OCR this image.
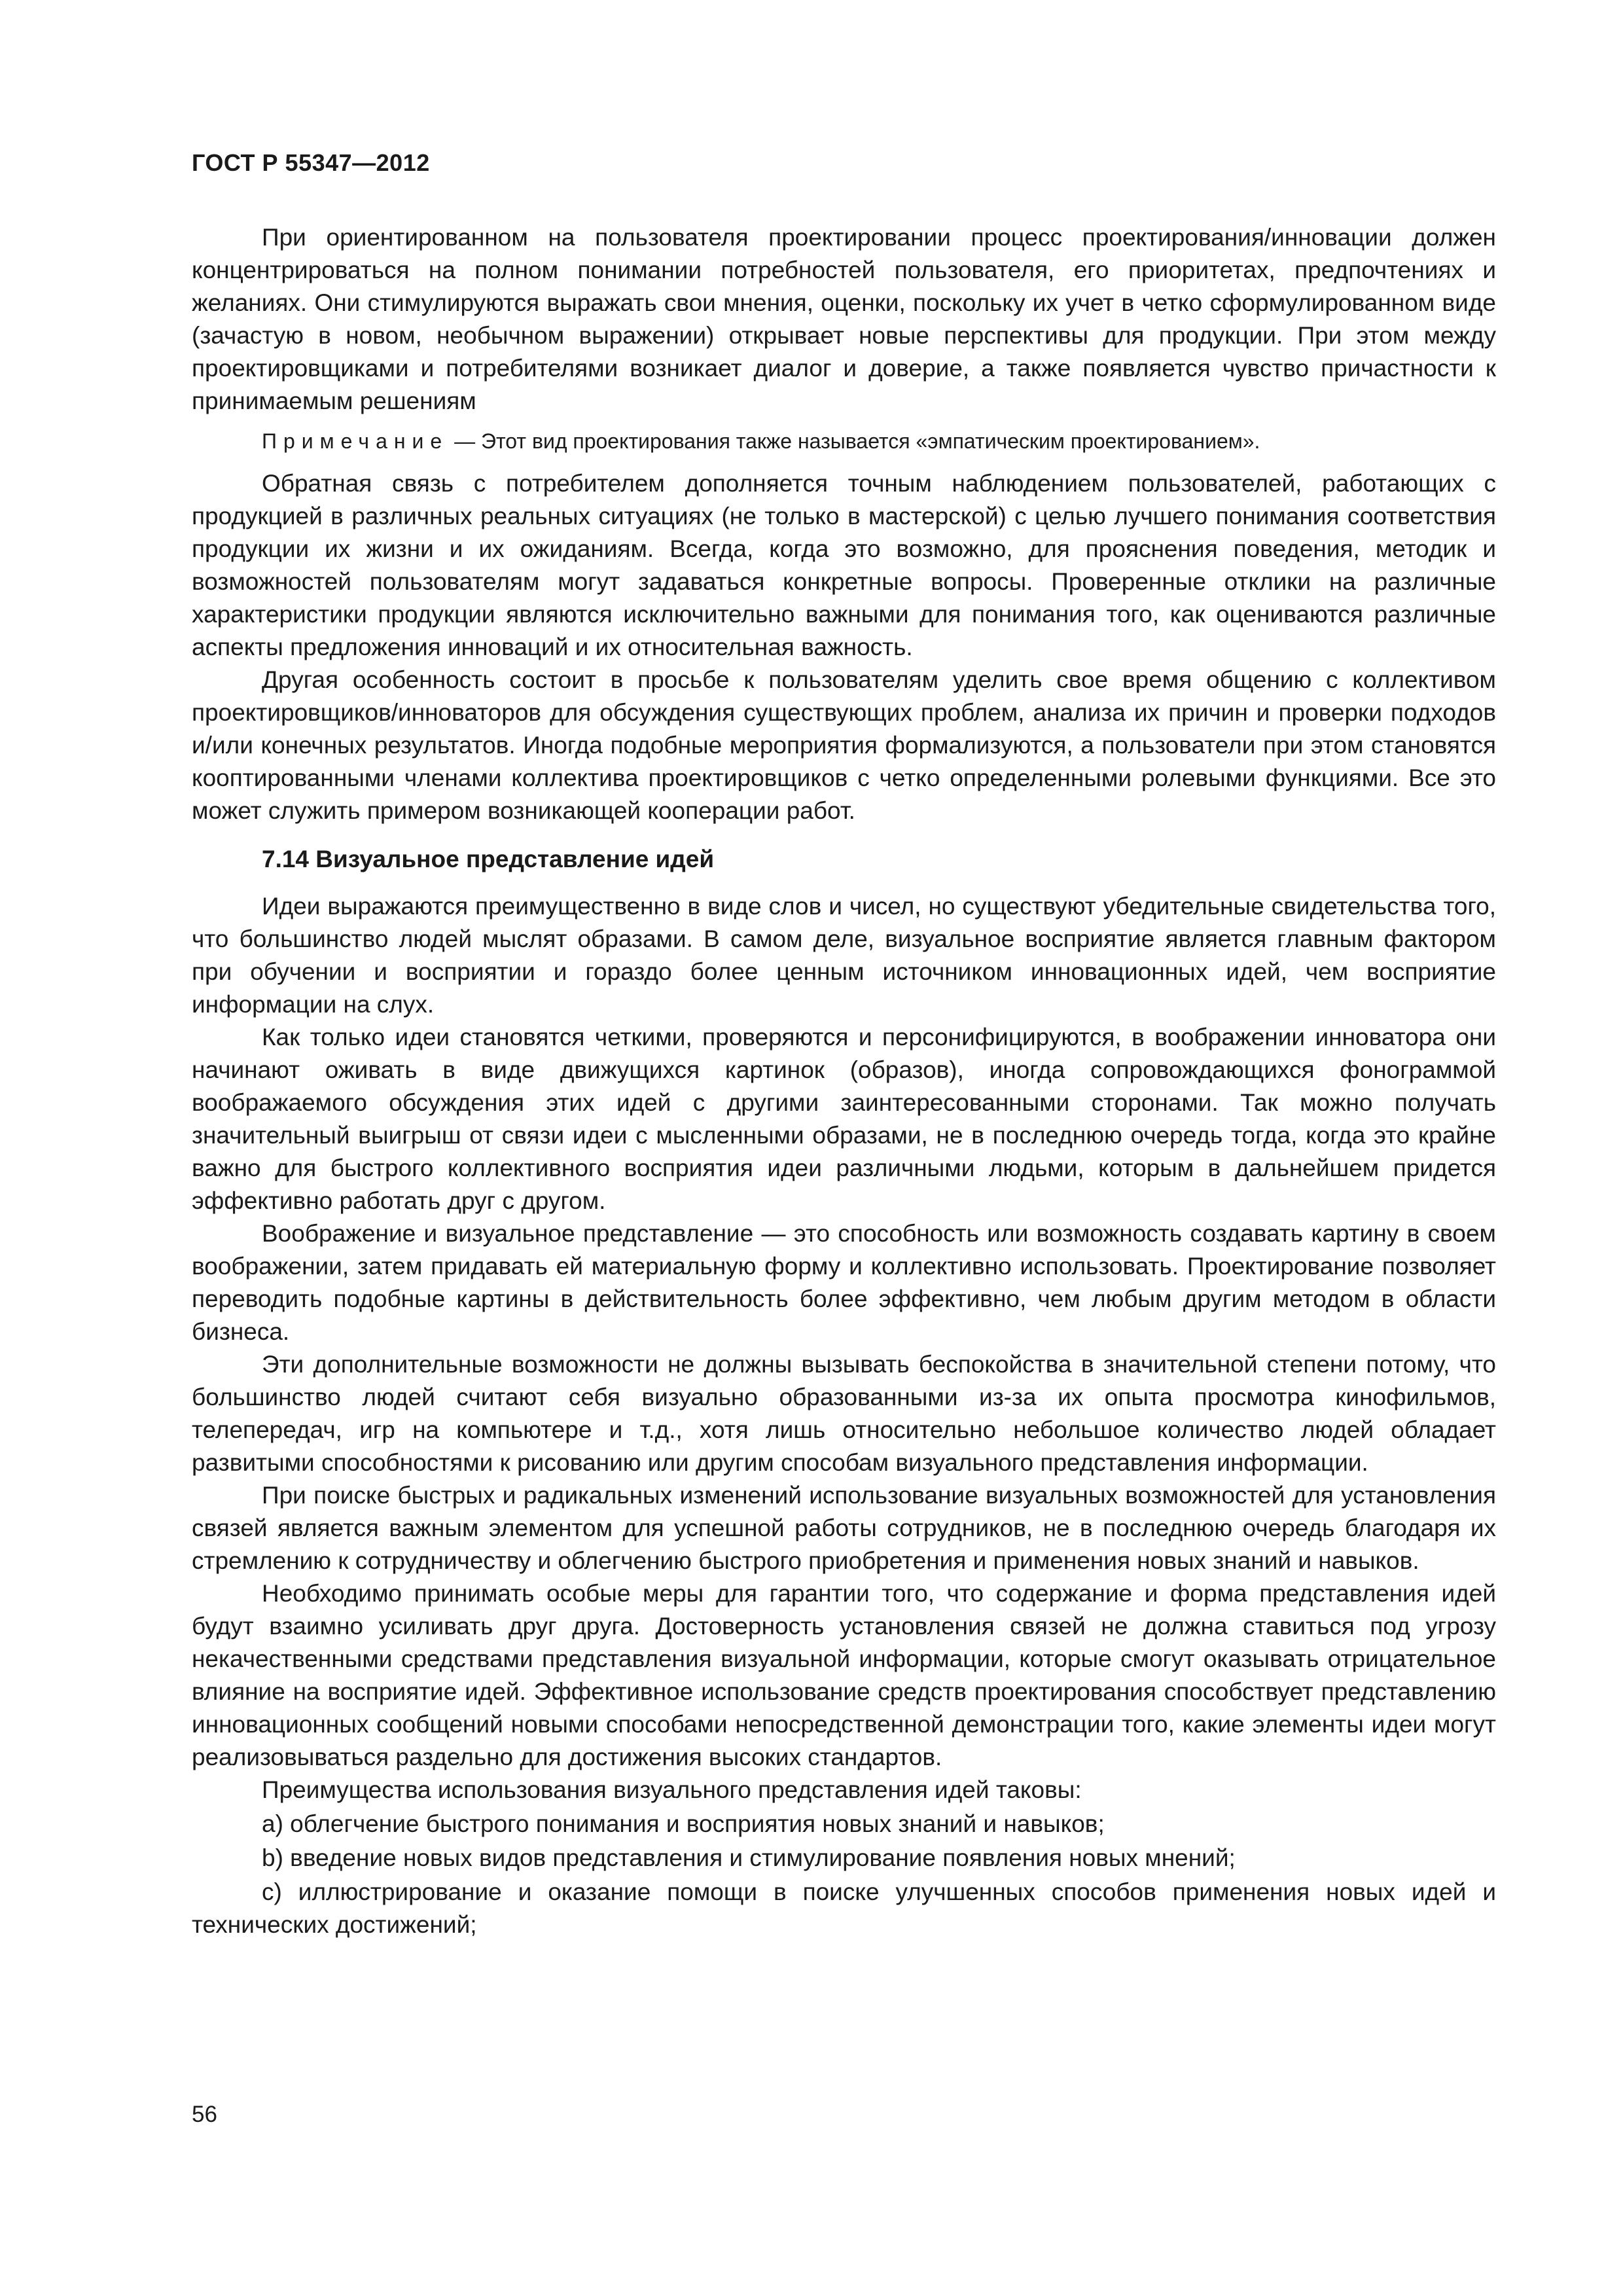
ГОСТ Р 55347—2012

При ориентированном на пользователя проектировании процесс проектирования/инновации должен концентрироваться на полном понимании потребностей пользователя, его приоритетах, предпочтениях и желаниях. Они стимулируются выражать свои мнения, оценки, поскольку их учет в четко сформулированном виде (зачастую в новом, необычном выражении) открывает новые перспективы для продукции. При этом между проектировщиками и потребителями возникает диалог и доверие, а также появляется чувство причастности к принимаемым решениям

Примечание — Этот вид проектирования также называется «эмпатическим проектированием».

Обратная связь с потребителем дополняется точным наблюдением пользователей, работающих с продукцией в различных реальных ситуациях (не только в мастерской) с целью лучшего понимания соответствия продукции их жизни и их ожиданиям. Всегда, когда это возможно, для прояснения поведения, методик и возможностей пользователям могут задаваться конкретные вопросы. Проверенные отклики на различные характеристики продукции являются исключительно важными для понимания того, как оцениваются различные аспекты предложения инноваций и их относительная важность.

Другая особенность состоит в просьбе к пользователям уделить свое время общению с коллективом проектировщиков/инноваторов для обсуждения существующих проблем, анализа их причин и проверки подходов и/или конечных результатов. Иногда подобные мероприятия формализуются, а пользователи при этом становятся кооптированными членами коллектива проектировщиков с четко определенными ролевыми функциями. Все это может служить примером возникающей кооперации работ.

7.14 Визуальное представление идей

Идеи выражаются преимущественно в виде слов и чисел, но существуют убедительные свидетельства того, что большинство людей мыслят образами. В самом деле, визуальное восприятие является главным фактором при обучении и восприятии и гораздо более ценным источником инновационных идей, чем восприятие информации на слух.

Как только идеи становятся четкими, проверяются и персонифицируются, в воображении инноватора они начинают оживать в виде движущихся картинок (образов), иногда сопровождающихся фонограммой воображаемого обсуждения этих идей с другими заинтересованными сторонами. Так можно получать значительный выигрыш от связи идеи с мысленными образами, не в последнюю очередь тогда, когда это крайне важно для быстрого коллективного восприятия идеи различными людьми, которым в дальнейшем придется эффективно работать друг с другом.

Воображение и визуальное представление — это способность или возможность создавать картину в своем воображении, затем придавать ей материальную форму и коллективно использовать. Проектирование позволяет переводить подобные картины в действительность более эффективно, чем любым другим методом в области бизнеса.

Эти дополнительные возможности не должны вызывать беспокойства в значительной степени потому, что большинство людей считают себя визуально образованными из-за их опыта просмотра кинофильмов, телепередач, игр на компьютере и т.д., хотя лишь относительно небольшое количество людей обладает развитыми способностями к рисованию или другим способам визуального представления информации.

При поиске быстрых и радикальных изменений использование визуальных возможностей для установления связей является важным элементом для успешной работы сотрудников, не в последнюю очередь благодаря их стремлению к сотрудничеству и облегчению быстрого приобретения и применения новых знаний и навыков.

Необходимо принимать особые меры для гарантии того, что содержание и форма представления идей будут взаимно усиливать друг друга. Достоверность установления связей не должна ставиться под угрозу некачественными средствами представления визуальной информации, которые смогут оказывать отрицательное влияние на восприятие идей. Эффективное использование средств проектирования способствует представлению инновационных сообщений новыми способами непосредственной демонстрации того, какие элементы идеи могут реализовываться раздельно для достижения высоких стандартов.

Преимущества использования визуального представления идей таковы:

а) облегчение быстрого понимания и восприятия новых знаний и навыков;

b) введение новых видов представления и стимулирование появления новых мнений;

с) иллюстрирование и оказание помощи в поиске улучшенных способов применения новых идей и технических достижений;

56
